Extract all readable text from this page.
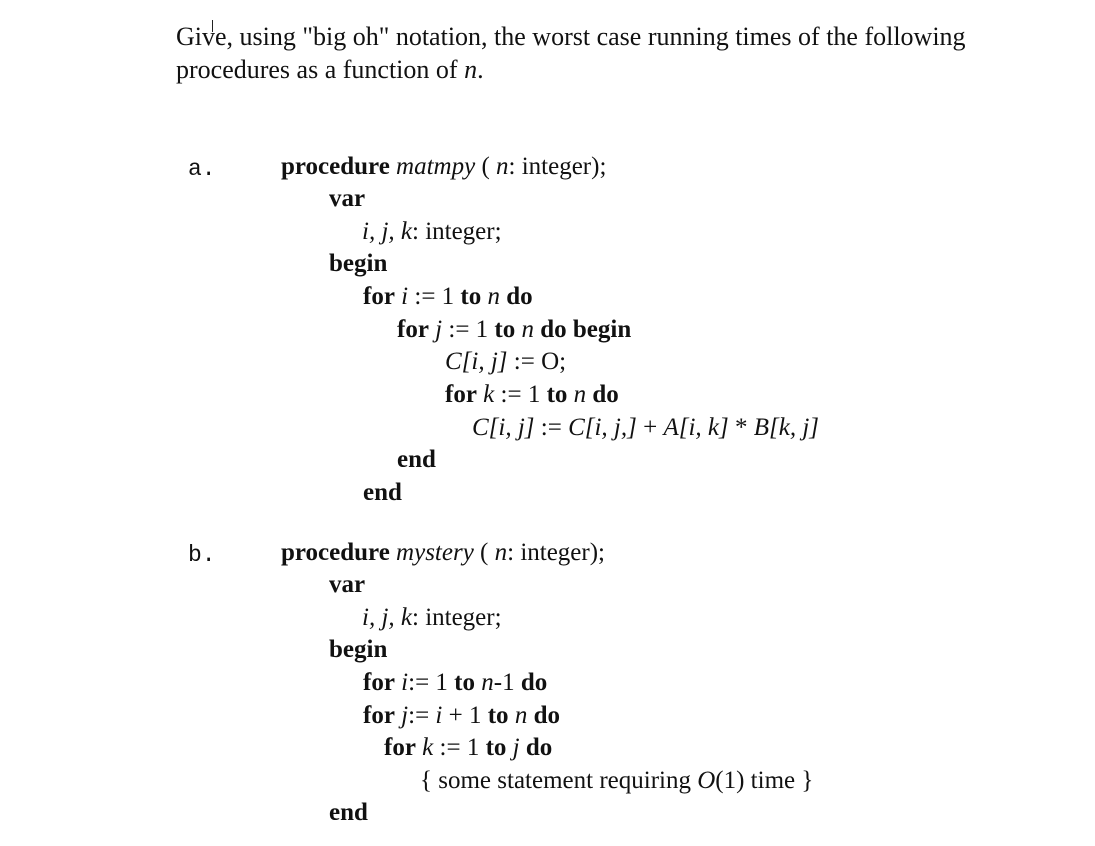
Give, using "big oh" notation, the worst case running times of the following
procedures as a function of n.
a.	procedure matmpy ( n: integer);
var
i, j, k: integer;
begin
for i := 1 to n do
for j := 1 to n do begin
C[i, j] := O;
for k := 1 to n do
C[i, j] := C[i, j,] + A[i, k] * B[k, j]
end
end
b.	procedure mystery ( n: integer);
var
i, j, k: integer;
begin
for i:= 1 to n-1 do
for j:= i + 1 to n do
for k := 1 to j do
{ some statement requiring O(1) time }
end
